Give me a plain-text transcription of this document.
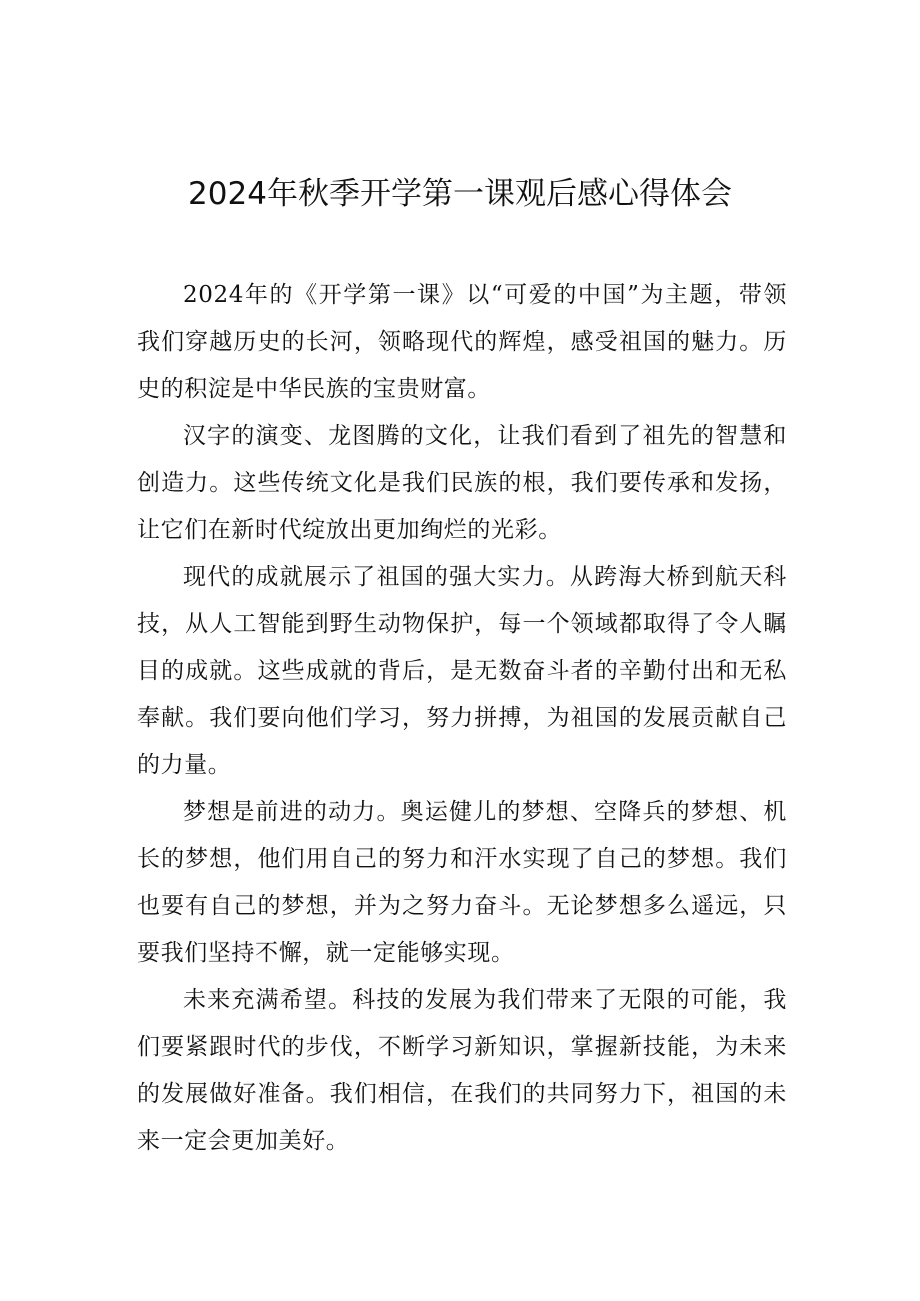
2024年秋季开学第一课观后感心得体会

2024年的《开学第一课》以“可爱的中国”为主题，带领我们穿越历史的长河，领略现代的辉煌，感受祖国的魅力。历史的积淀是中华民族的宝贵财富。

汉字的演变、龙图腾的文化，让我们看到了祖先的智慧和创造力。这些传统文化是我们民族的根，我们要传承和发扬，让它们在新时代绽放出更加绚烂的光彩。

现代的成就展示了祖国的强大实力。从跨海大桥到航天科技，从人工智能到野生动物保护，每一个领域都取得了令人瞩目的成就。这些成就的背后，是无数奋斗者的辛勤付出和无私奉献。我们要向他们学习，努力拼搏，为祖国的发展贡献自己的力量。

梦想是前进的动力。奥运健儿的梦想、空降兵的梦想、机长的梦想，他们用自己的努力和汗水实现了自己的梦想。我们也要有自己的梦想，并为之努力奋斗。无论梦想多么遥远，只要我们坚持不懈，就一定能够实现。

未来充满希望。科技的发展为我们带来了无限的可能，我们要紧跟时代的步伐，不断学习新知识，掌握新技能，为未来的发展做好准备。我们相信，在我们的共同努力下，祖国的未来一定会更加美好。
